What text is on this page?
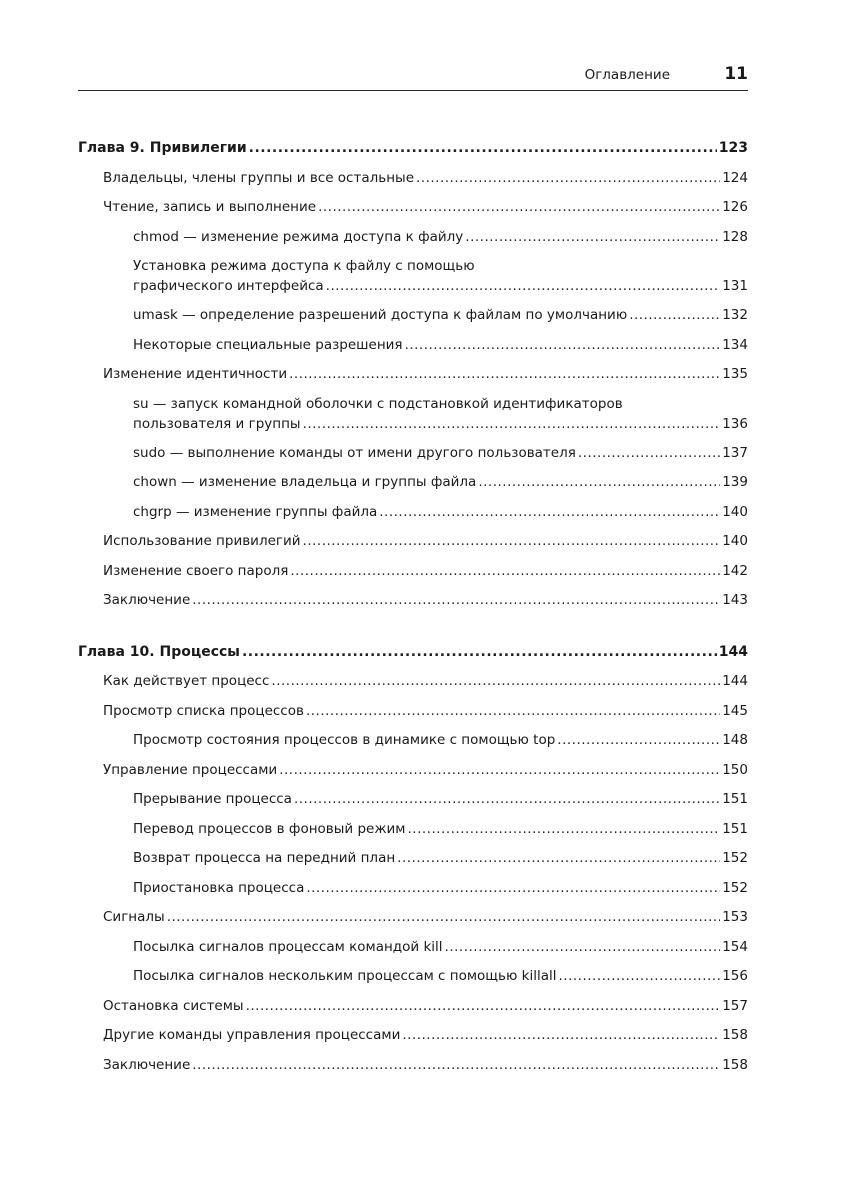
Оглавление	11
Глава 9. Привилегии .....	123
Владельцы, члены группы и все остальные .....	124
Чтение, запись и выполнение .....	126
chmod — изменение режима доступа к файлу .....	128
Установка режима доступа к файлу с помощью
графического интерфейса .....	131
umask — определение разрешений доступа к файлам по умолчанию .....	132
Некоторые специальные разрешения .....	134
Изменение идентичности .....	135
su — запуск командной оболочки с подстановкой идентификаторов
пользователя и группы .....	136
sudo — выполнение команды от имени другого пользователя .....	137
chown — изменение владельца и группы файла .....	139
chgrp — изменение группы файла .....	140
Использование привилегий .....	140
Изменение своего пароля .....	142
Заключение .....	143
Глава 10. Процессы .....	144
Как действует процесс .....	144
Просмотр списка процессов .....	145
Просмотр состояния процессов в динамике с помощью top .....	148
Управление процессами .....	150
Прерывание процесса .....	151
Перевод процессов в фоновый режим .....	151
Возврат процесса на передний план .....	152
Приостановка процесса .....	152
Сигналы .....	153
Посылка сигналов процессам командой kill .....	154
Посылка сигналов нескольким процессам с помощью killall .....	156
Остановка системы .....	157
Другие команды управления процессами .....	158
Заключение .....	158
